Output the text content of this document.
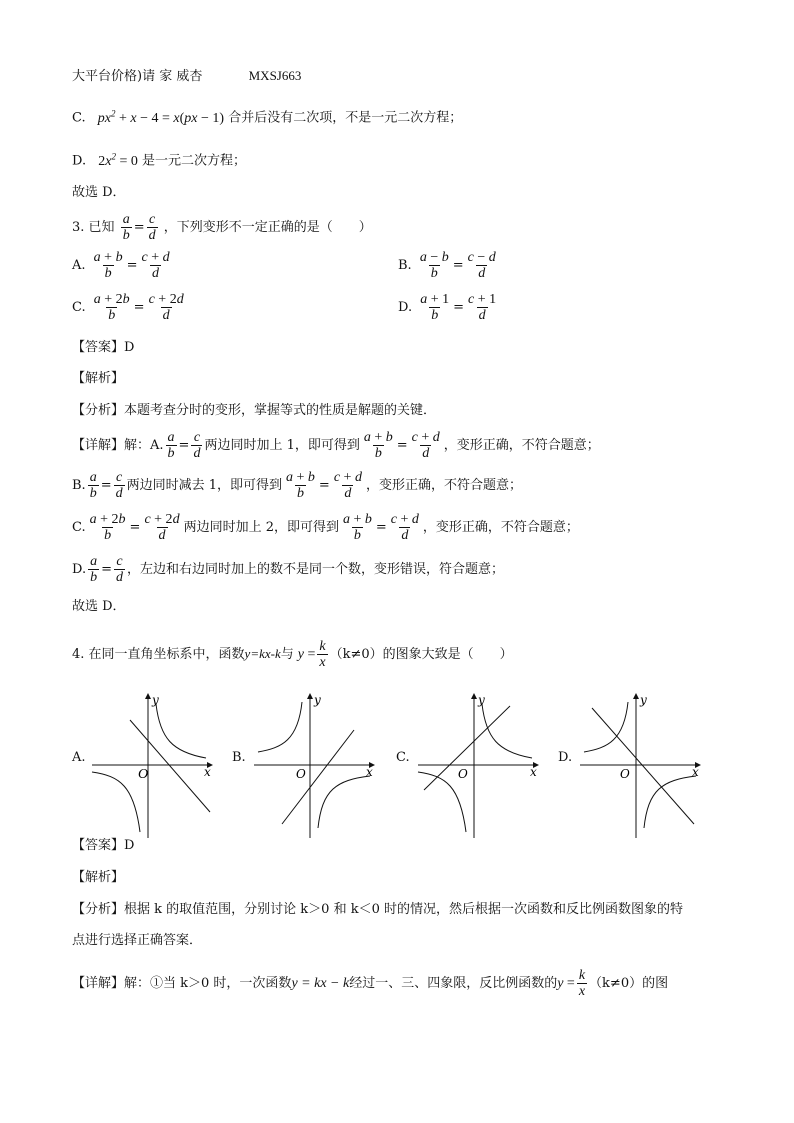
大平台价格)请 家 威杏	MXSJ663
C. $px^2 + x - 4 = x(px - 1)$ 合并后没有二次项，不是一元二次方程；
D. $2x^2 = 0$ 是一元二次方程；
故选 D．
3. 已知 $\frac{a}{b} = \frac{c}{d}$ ，下列变形不一定正确的是（　　）
A. $\frac{a + b}{b} = \frac{c + d}{d}$	B. $\frac{a - b}{b} = \frac{c - d}{d}$
C. $\frac{a + 2b}{b} = \frac{c + 2d}{d}$	D. $\frac{a + 1}{b} = \frac{c + 1}{d}$
【答案】D
【解析】
【分析】本题考查分时的变形，掌握等式的性质是解题的关键．
【详解】解：A. $\frac{a}{b} = \frac{c}{d}$ 两边同时加上 1，即可得到 $\frac{a + b}{b} = \frac{c + d}{d}$ ，变形正确，不符合题意；
B. $\frac{a}{b} = \frac{c}{d}$ 两边同时减去 1，即可得到 $\frac{a + b}{b} = \frac{c + d}{d}$ ，变形正确，不符合题意；
C. $\frac{a + 2b}{b} = \frac{c + 2d}{d}$ 两边同时加上 2，即可得到 $\frac{a + b}{b} = \frac{c + d}{d}$ ，变形正确，不符合题意；
D. $\frac{a}{b} = \frac{c}{d}$ ，左边和右边同时加上的数不是同一个数，变形错误，符合题意；
故选 D．
4. 在同一直角坐标系中，函数y=kx-k与 $y = \frac{k}{x} (k\ne 0)$的图象大致是（　　）
A.
O	x
y
B.
O	x
y
C.
O	x
y
D.
O	x
y
【答案】D
【解析】
【分析】根据 k 的取值范围，分别讨论 k＞0 和 k＜0 时的情况，然后根据一次函数和反比例函数图象的特
点进行选择正确答案．
【详解】解：①当 k＞0 时，一次函数y = kx − k经过一、三、四象限，反比例函数的$y = \frac{k}{x} (k\ne 0)$的图
